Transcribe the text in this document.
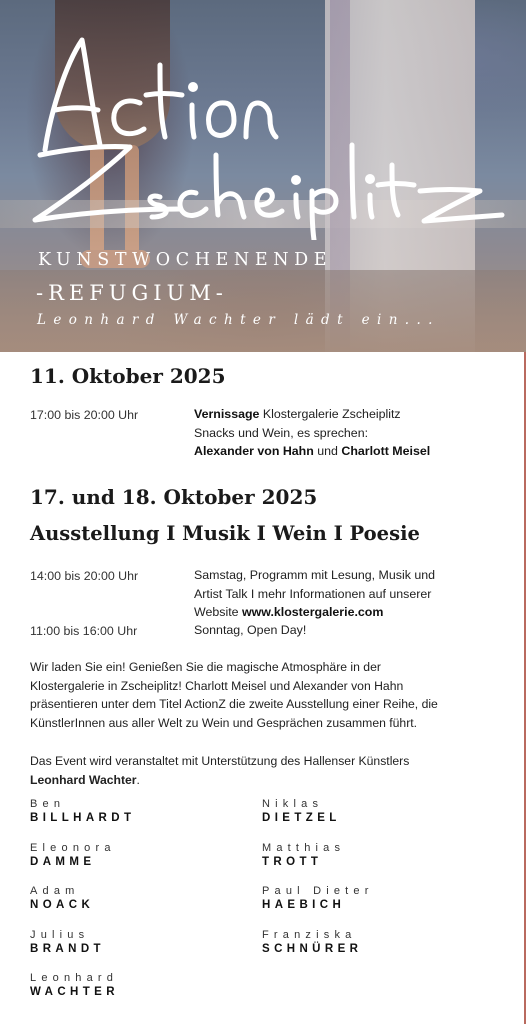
KUNSTWOCHENENDE
-REFUGIUM-
Leonhard Wachter lädt ein...
11. Oktober 2025
17:00 bis 20:00 Uhr	Vernissage Klostergalerie Zscheiplitz

Snacks und Wein, es sprechen:

Alexander von Hahn und Charlott Meisel

17. und 18. Oktober 2025
Ausstellung I Musik I Wein I Poesie
14:00 bis 20:00 Uhr	Samstag, Programm mit Lesung, Musik und

Artist Talk I mehr Informationen auf unserer

Website www.klostergalerie.com

11:00 bis 16:00 Uhr	Sonntag, Open Day!

Wir laden Sie ein! Genießen Sie die magische Atmosphäre in der

Klostergalerie in Zscheiplitz! Charlott Meisel und Alexander von Hahn

präsentieren unter dem Titel ActionZ die zweite Ausstellung einer Reihe, die

KünstlerInnen aus aller Welt zu Wein und Gesprächen zusammen führt.

Das Event wird veranstaltet mit Unterstützung des Hallenser Künstlers

Leonhard Wachter.

Ben
BILLHARDT
Niklas
DIETZEL
Eleonora
DAMME
Matthias
TROTT
Adam
NOACK
Paul Dieter
HAEBICH
Julius
BRANDT
Franziska
SCHNÜRER
Leonhard
WACHTER
